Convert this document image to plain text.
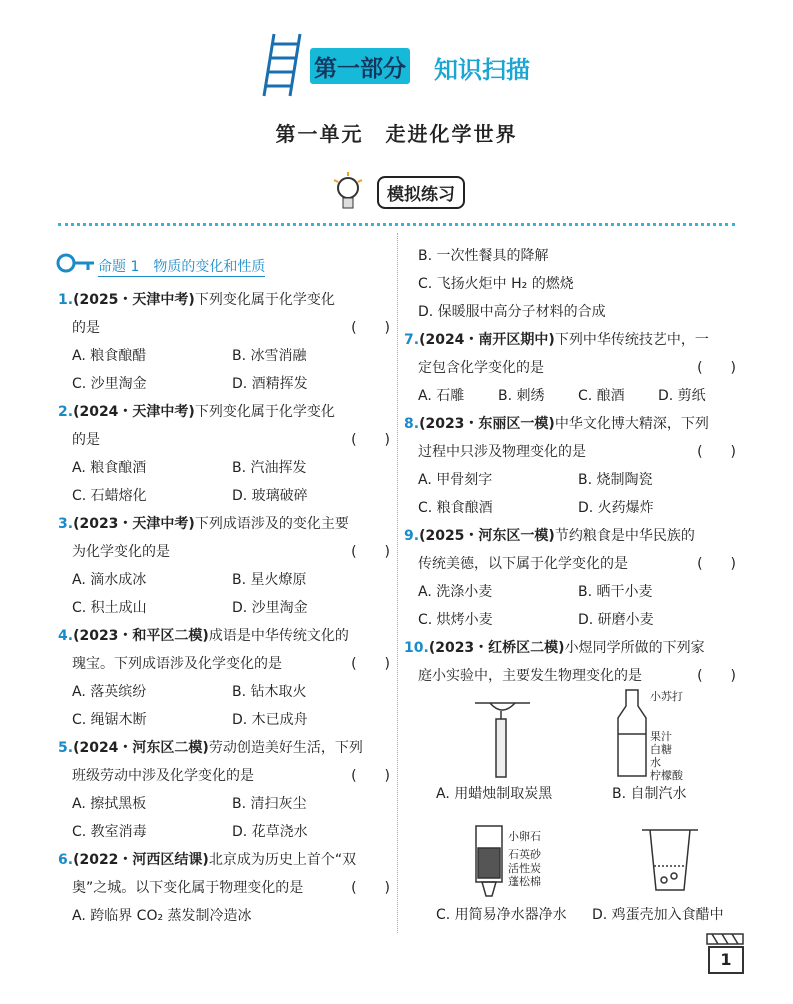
第一部分 知识扫描
第一单元　走进化学世界
模拟练习
命题 1　物质的变化和性质
1.(2025・天津中考)下列变化属于化学变化
的是	(　　)
A. 粮食酿醋	B. 冰雪消融
C. 沙里淘金	D. 酒精挥发
2.(2024・天津中考)下列变化属于化学变化
的是	(　　)
A. 粮食酿酒	B. 汽油挥发
C. 石蜡熔化	D. 玻璃破碎
3.(2023・天津中考)下列成语涉及的变化主要
为化学变化的是	(　　)
A. 滴水成冰	B. 星火燎原
C. 积土成山	D. 沙里淘金
4.(2023・和平区二模)成语是中华传统文化的
瑰宝。下列成语涉及化学变化的是	(　　)
A. 落英缤纷	B. 钻木取火
C. 绳锯木断	D. 木已成舟
5.(2024・河东区二模)劳动创造美好生活，下列
班级劳动中涉及化学变化的是	(　　)
A. 擦拭黑板	B. 清扫灰尘
C. 教室消毒	D. 花草浇水
6.(2022・河西区结课)北京成为历史上首个“双
奥”之城。以下变化属于物理变化的是	(　　)
A. 跨临界 CO₂ 蒸发制冷造冰
B. 一次性餐具的降解
C. 飞扬火炬中 H₂ 的燃烧
D. 保暖服中高分子材料的合成
7.(2024・南开区期中)下列中华传统技艺中，一
定包含化学变化的是	(　　)
A. 石雕	B. 刺绣	C. 酿酒	D. 剪纸
8.(2023・东丽区一模)中华文化博大精深，下列
过程中只涉及物理变化的是	(　　)
A. 甲骨刻字	B. 烧制陶瓷
C. 粮食酿酒	D. 火药爆炸
9.(2025・河东区一模)节约粮食是中华民族的
传统美德，以下属于化学变化的是	(　　)
A. 洗涤小麦	B. 晒干小麦
C. 烘烤小麦	D. 研磨小麦
10.(2023・红桥区二模)小煜同学所做的下列家
庭小实验中，主要发生物理变化的是	(　　)
A. 用蜡烛制取炭黑
小苏打
果汁
白糖
水
柠檬酸
B. 自制汽水
小卵石
石英砂
活性炭
蓬松棉
C. 用简易净水器净水 D. 鸡蛋壳加入食醋中
1
